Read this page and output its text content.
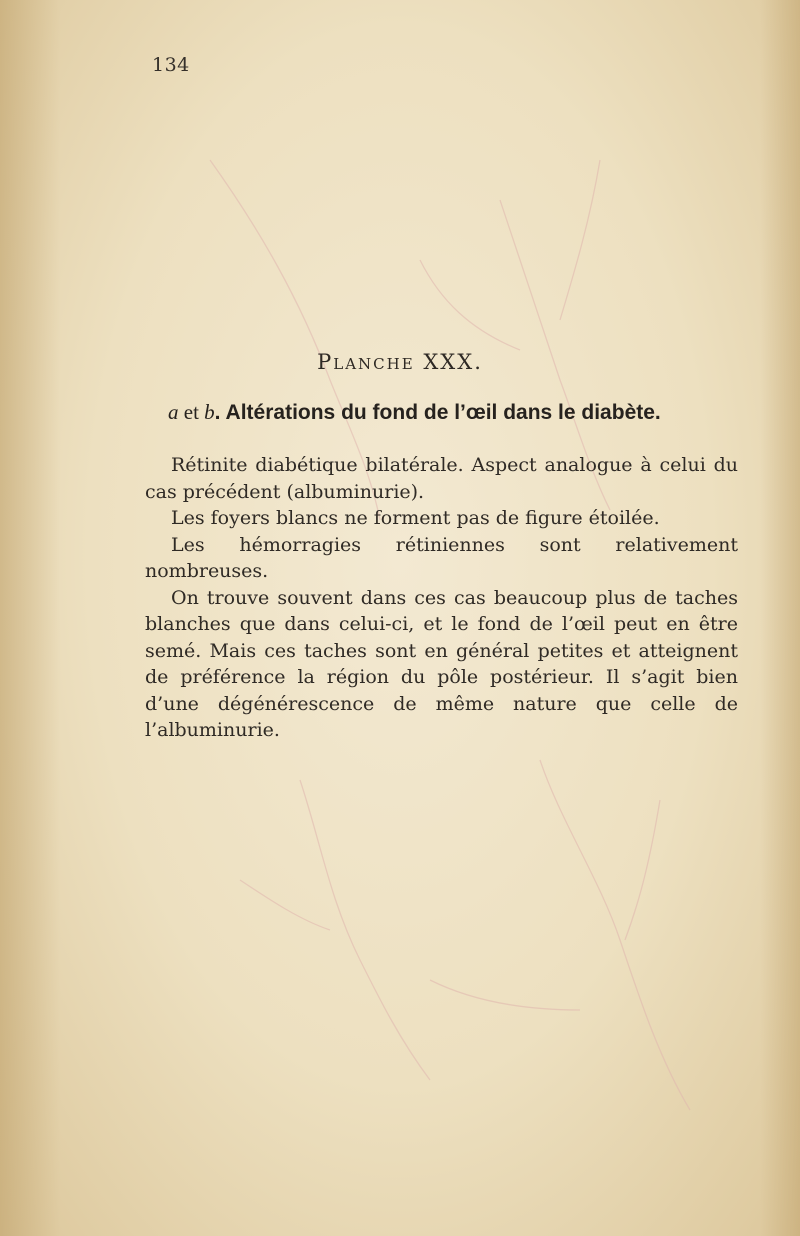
134
Planche XXX.
a et b. Altérations du fond de l’œil dans le diabète.

Rétinite diabétique bilatérale. Aspect analogue à celui du cas précédent (albuminurie).

Les foyers blancs ne forment pas de figure étoilée.

Les hémorragies rétiniennes sont relativement nombreuses.

On trouve souvent dans ces cas beaucoup plus de taches blanches que dans celui-ci, et le fond de l’œil peut en être semé. Mais ces taches sont en général petites et atteignent de préférence la région du pôle postérieur. Il s’agit bien d’une dégénérescence de même nature que celle de l’albuminurie.
